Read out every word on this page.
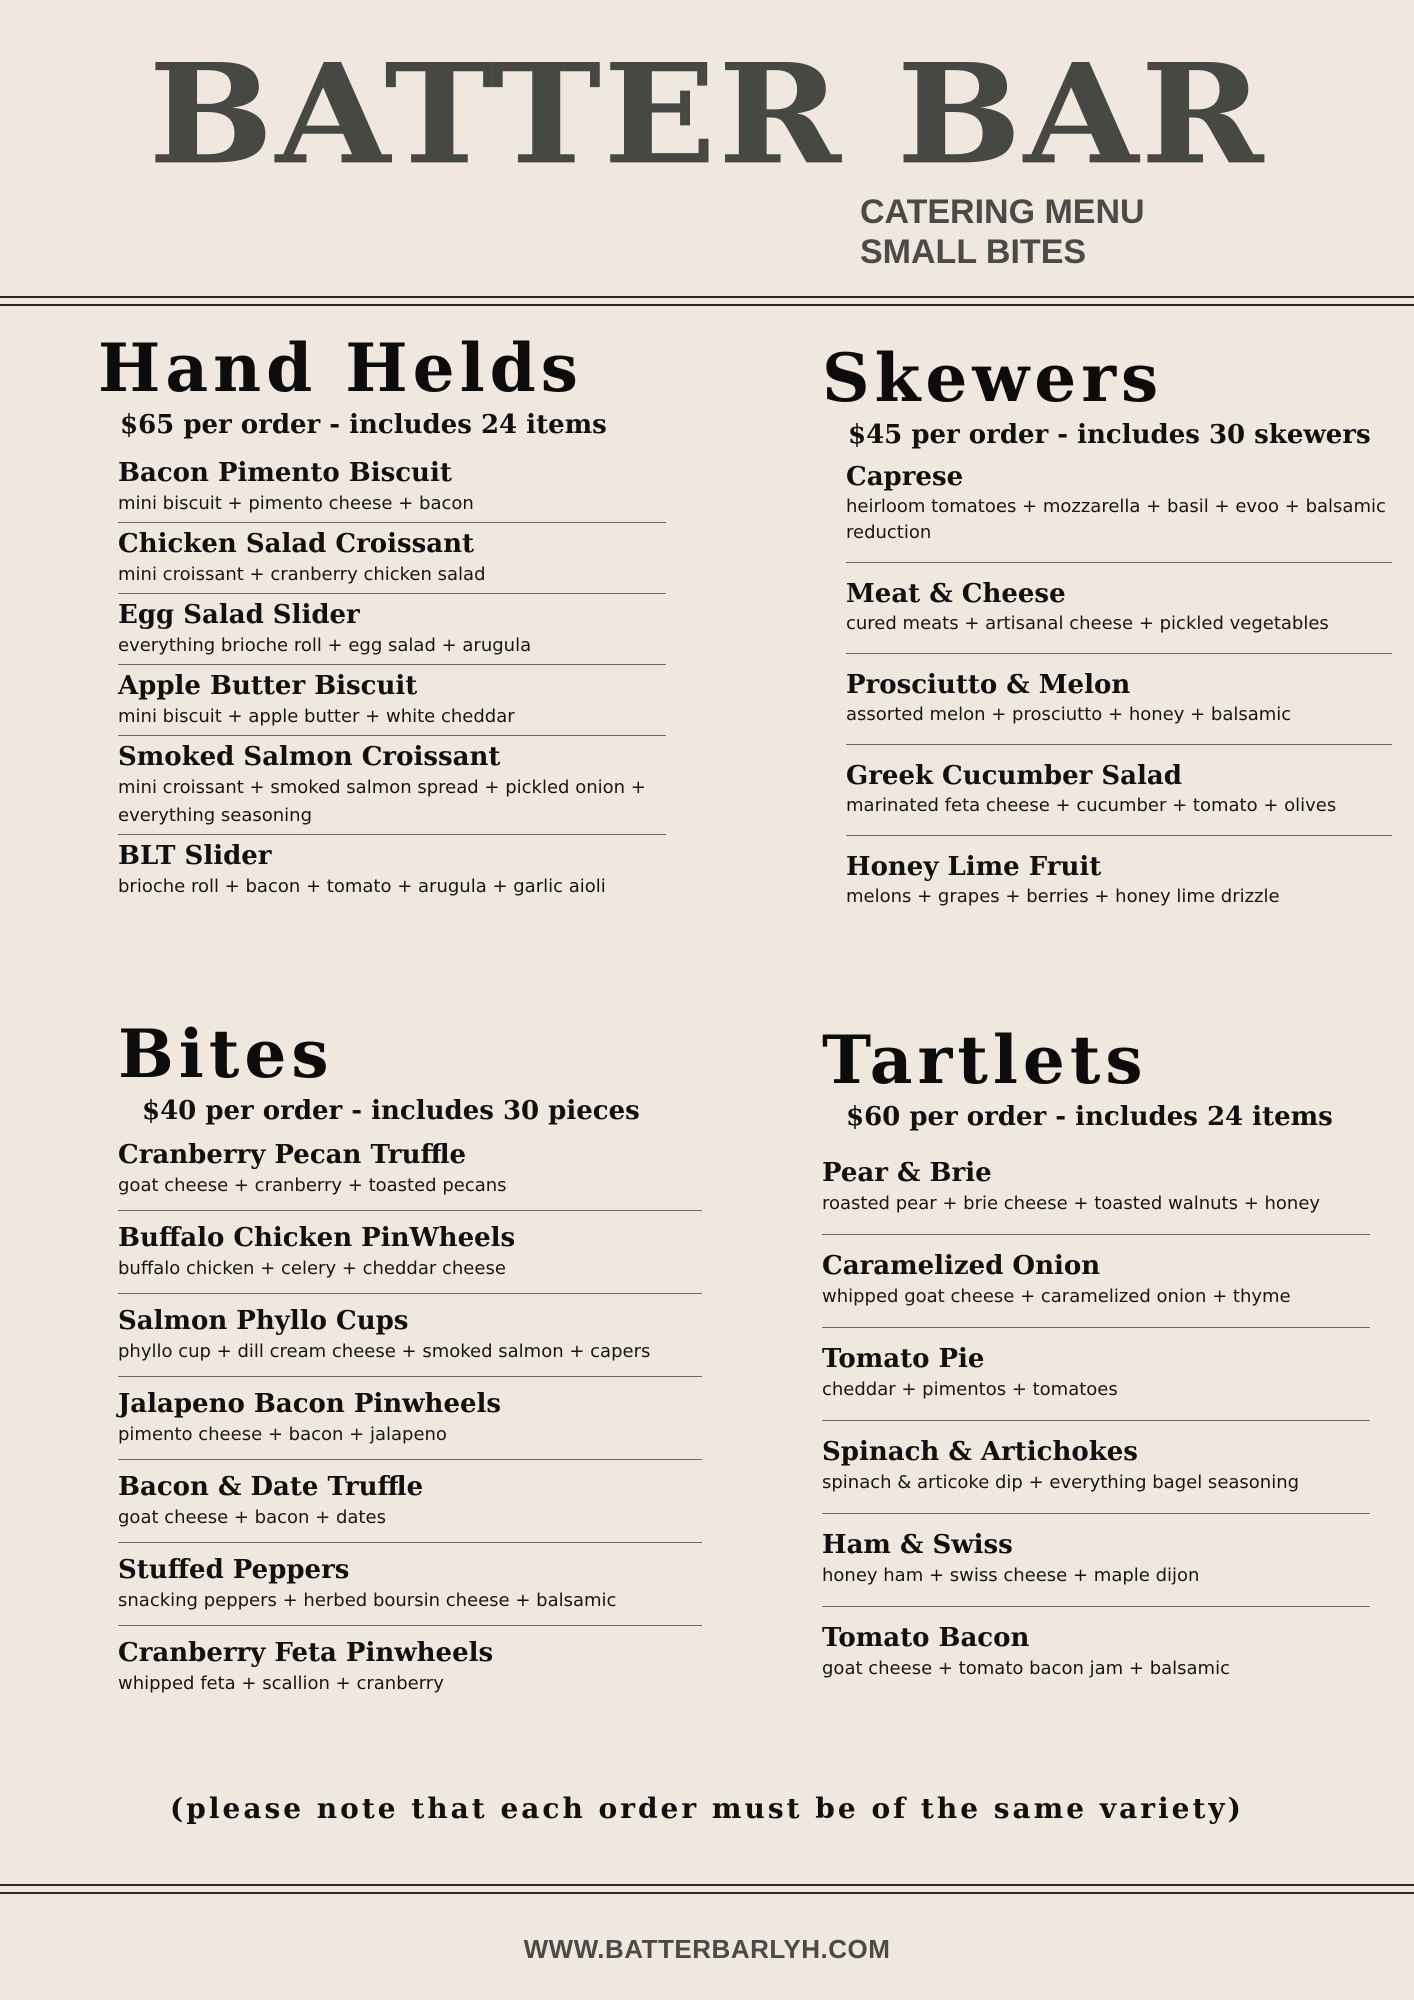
BATTER BAR
CATERING MENU
SMALL BITES
Hand Helds
$65 per order - includes 24 items
Bacon Pimento Biscuit
mini biscuit + pimento cheese + bacon
Chicken Salad Croissant
mini croissant + cranberry chicken salad
Egg Salad Slider
everything brioche roll + egg salad + arugula
Apple Butter Biscuit
mini biscuit + apple butter + white cheddar
Smoked Salmon Croissant
mini croissant + smoked salmon spread + pickled onion + everything seasoning
BLT Slider
brioche roll + bacon + tomato + arugula + garlic aioli
Skewers
$45 per order - includes 30 skewers
Caprese
heirloom tomatoes + mozzarella + basil + evoo + balsamic reduction
Meat & Cheese
cured meats + artisanal cheese + pickled vegetables
Prosciutto & Melon
assorted melon + prosciutto + honey + balsamic
Greek Cucumber Salad
marinated feta cheese + cucumber + tomato + olives
Honey Lime Fruit
melons + grapes + berries + honey lime drizzle
Bites
$40 per order - includes 30 pieces
Cranberry Pecan Truffle
goat cheese + cranberry + toasted pecans
Buffalo Chicken PinWheels
buffalo chicken + celery + cheddar cheese
Salmon Phyllo Cups
phyllo cup + dill cream cheese + smoked salmon + capers
Jalapeno Bacon Pinwheels
pimento cheese + bacon + jalapeno
Bacon & Date Truffle
goat cheese + bacon + dates
Stuffed Peppers
snacking peppers + herbed boursin cheese + balsamic
Cranberry Feta Pinwheels
whipped feta + scallion + cranberry
Tartlets
$60 per order - includes 24 items
Pear & Brie
roasted pear + brie cheese + toasted walnuts + honey
Caramelized Onion
whipped goat cheese + caramelized onion + thyme
Tomato Pie
cheddar + pimentos + tomatoes
Spinach & Artichokes
spinach & articoke dip + everything bagel seasoning
Ham & Swiss
honey ham + swiss cheese + maple dijon
Tomato Bacon
goat cheese + tomato bacon jam + balsamic
(please note that each order must be of the same variety)
WWW.BATTERBARLYH.COM
